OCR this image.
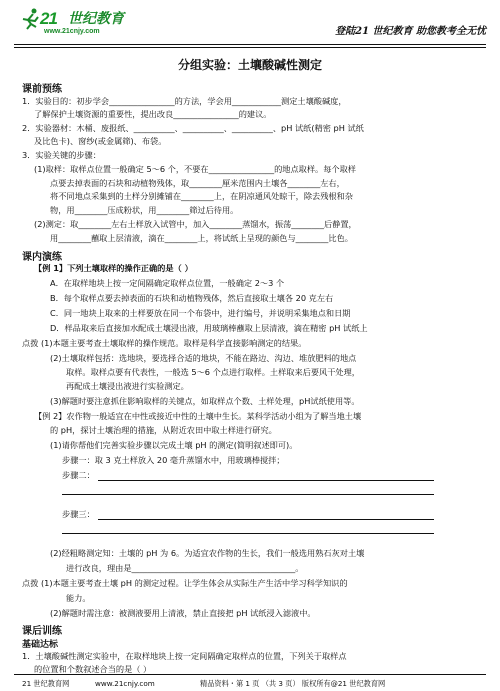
21 世纪教育
www.21cnjy.com	登陆21 世纪教育 助您教考全无忧
分组实验：土壤酸碱性测定
课前预练
1．实验目的：初步学会________________的方法，学会用____________测定土壤酸碱度，
了解保护土壤资源的重要性，提出改良________________的建议。
2．实验器材：木桶、废报纸、__________、__________、__________、pH 试纸(精密 pH 试纸
及比色卡)、窗纱(或金属筛)、布袋。
3．实验关键的步骤：
(1)取样：取样点位置一般确定 5～6 个，不要在________________的地点取样。每个取样
点要去掉表面的石块和动植物残体，取________厘米范围内土壤各________左右，
将不同地点采集到的土样分别摊铺在________上，在阴凉通风处晾干，除去残根和杂
物，用________压成粉状，用________筛过后待用。
(2)测定：取________左右土样放入试管中，加入________蒸馏水，振荡________后静置，
用________蘸取上层清液，滴在________上，将试纸上呈现的颜色与________比色。
课内演练
【例 1】下列土壤取样的操作正确的是（ ）
A．在取样地块上按一定间隔确定取样点位置，一般确定 2～3 个
B．每个取样点要去掉表面的石块和动植物残体，然后直接取土壤各 20 克左右
C．同一地块上取来的土样要放在同一个布袋中，进行编号，并说明采集地点和日期
D．样品取来后直接加水配成土壤浸出液，用玻璃棒蘸取上层清液，滴在精密 pH 试纸上
点拨 (1)本题主要考查土壤取样的操作规范。取样是科学直接影响测定的结果。
(2)土壤取样包括：选地块，要选择合适的地块，不能在路边、沟边、堆放肥料的地点
取样。取样点要有代表性，一般选 5～6 个点进行取样。土样取来后要风干处理，
再配成土壤浸出液进行实验测定。
(3)解题时要注意抓住影响取样的关键点，如取样点个数、土样处理，pH试纸使用等。
【例 2】农作物一般适宜在中性或接近中性的土壤中生长。某科学活动小组为了解当地土壤
的 pH，探讨土壤治理的措施，从附近农田中取土样进行研究。
(1)请你帮他们完善实验步骤以完成土壤 pH 的测定(简明叙述即可)。
步骤一：取 3 克土样放入 20 毫升蒸馏水中，用玻璃棒搅拌；
步骤二：
步骤三：
(2)经粗略测定知：土壤的 pH 为 6。为适宜农作物的生长，我们一般选用熟石灰对土壤
进行改良，理由是________________________________________。
点拨 (1)本题主要考查土壤 pH 的测定过程。让学生体会从实际生产生活中学习科学知识的
能力。
(2)解题时需注意：被测液要用上清液，禁止直接把 pH 试纸浸入滤液中。
课后训练
基础达标
1．土壤酸碱性测定实验中，在取样地块上按一定间隔确定取样点的位置，下列关于取样点
的位置和个数叙述合当的是（ ）
21 世纪教育网	www.21cnjy.com	精品资料・第 1 页 （共 3 页） 版权所有@21 世纪教育网
